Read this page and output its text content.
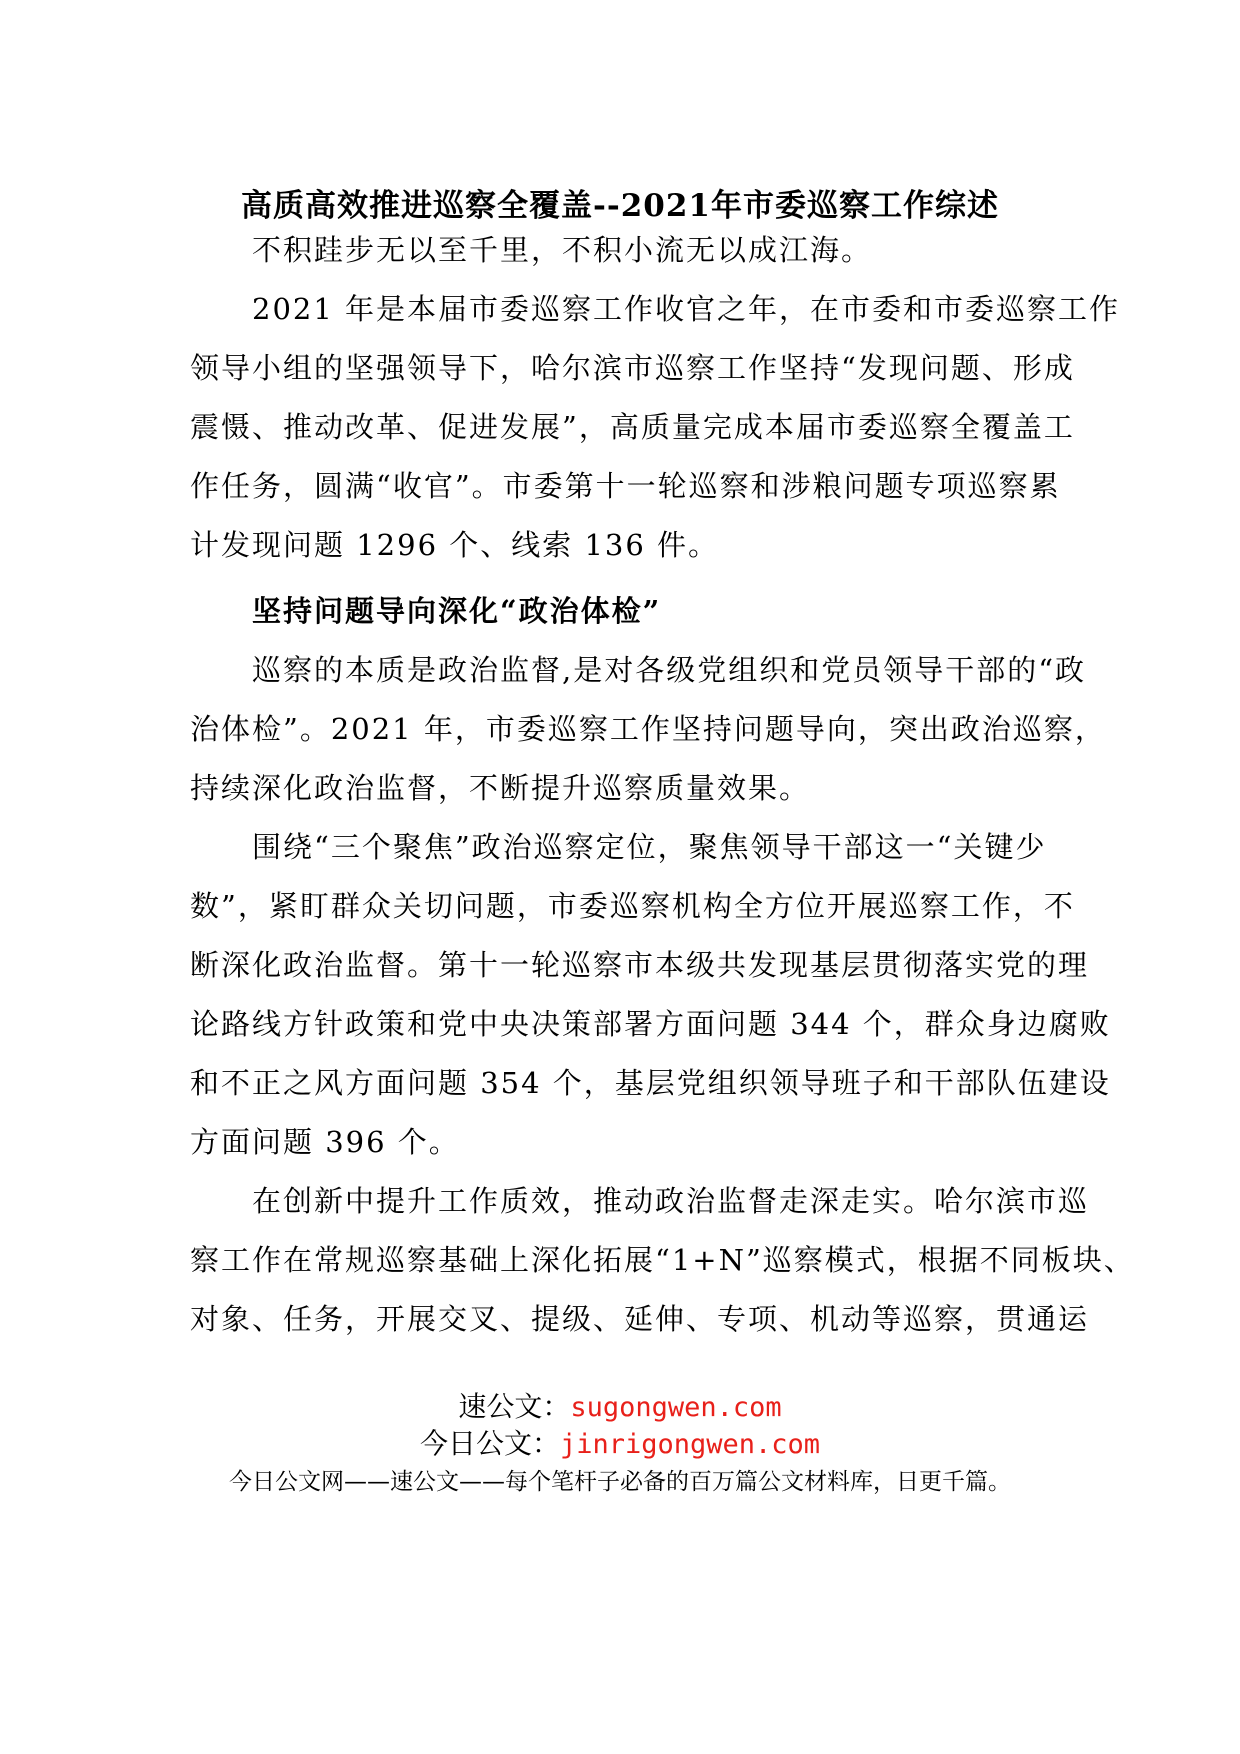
高质高效推进巡察全覆盖--2021年市委巡察工作综述
不积跬步无以至千里，不积小流无以成江海。
2021 年是本届市委巡察工作收官之年，在市委和市委巡察工作
领导小组的坚强领导下，哈尔滨市巡察工作坚持“发现问题、形成
震慑、推动改革、促进发展”，高质量完成本届市委巡察全覆盖工
作任务，圆满“收官”。市委第十一轮巡察和涉粮问题专项巡察累
计发现问题 1296 个、线索 136 件。
坚持问题导向深化“政治体检”
巡察的本质是政治监督,是对各级党组织和党员领导干部的“政
治体检”。2021 年，市委巡察工作坚持问题导向，突出政治巡察，
持续深化政治监督，不断提升巡察质量效果。
围绕“三个聚焦”政治巡察定位，聚焦领导干部这一“关键少
数”，紧盯群众关切问题，市委巡察机构全方位开展巡察工作，不
断深化政治监督。第十一轮巡察市本级共发现基层贯彻落实党的理
论路线方针政策和党中央决策部署方面问题 344 个，群众身边腐败
和不正之风方面问题 354 个，基层党组织领导班子和干部队伍建设
方面问题 396 个。
在创新中提升工作质效，推动政治监督走深走实。哈尔滨市巡
察工作在常规巡察基础上深化拓展“1+N”巡察模式，根据不同板块、
对象、任务，开展交叉、提级、延伸、专项、机动等巡察，贯通运
速公文：sugongwen.com
今日公文：jinrigongwen.com
今日公文网——速公文——每个笔杆子必备的百万篇公文材料库，日更千篇。
